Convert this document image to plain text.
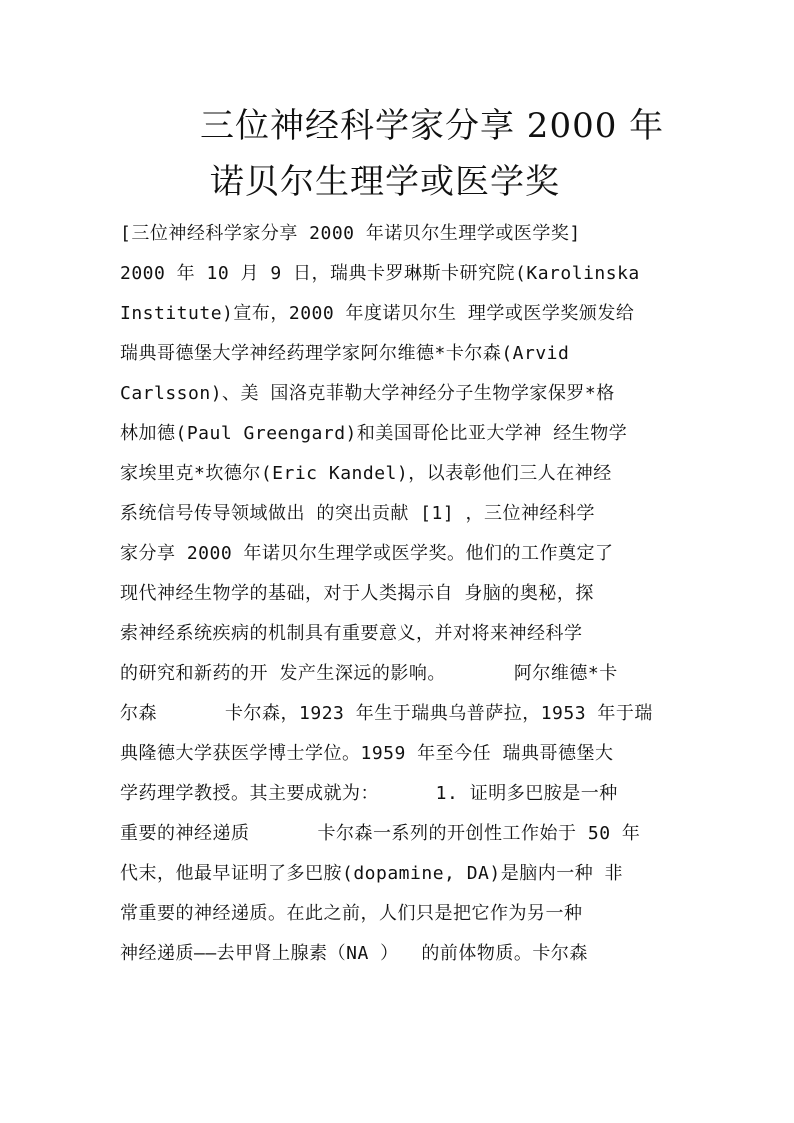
三位神经科学家分享 2000 年
诺贝尔生理学或医学奖
[三位神经科学家分享 2000 年诺贝尔生理学或医学奖]
2000 年 10 月 9 日，瑞典卡罗琳斯卡研究院(Karolinska
Institute)宣布，2000 年度诺贝尔生 理学或医学奖颁发给
瑞典哥德堡大学神经药理学家阿尔维德*卡尔森(Arvid
Carlsson)、美 国洛克菲勒大学神经分子生物学家保罗*格
林加德(Paul Greengard)和美国哥伦比亚大学神 经生物学
家埃里克*坎德尔(Eric Kandel)，以表彰他们三人在神经
系统信号传导领域做出 的突出贡献 [1] ，三位神经科学
家分享 2000 年诺贝尔生理学或医学奖。他们的工作奠定了
现代神经生物学的基础，对于人类揭示自 身脑的奥秘，探
索神经系统疾病的机制具有重要意义，并对将来神经科学
的研究和新药的开 发产生深远的影响。      阿尔维德*卡
尔森      卡尔森，1923 年生于瑞典乌普萨拉，1953 年于瑞
典隆德大学获医学博士学位。1959 年至今任 瑞典哥德堡大
学药理学教授。其主要成就为：     1. 证明多巴胺是一种
重要的神经递质      卡尔森一系列的开创性工作始于 50 年
代末，他最早证明了多巴胺(dopamine, DA)是脑内一种 非
常重要的神经递质。在此之前，人们只是把它作为另一种
神经递质——去甲肾上腺素（NA ）  的前体物质。卡尔森
